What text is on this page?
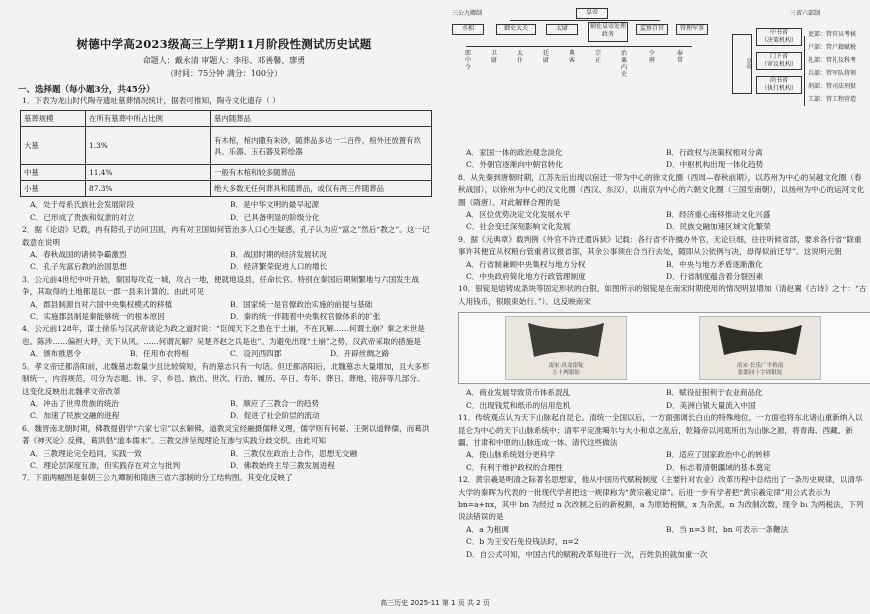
树德中学高2023级高三上学期11月阶段性测试历史试题
命题人：戴永清 审题人：李彤、邓善馨、廖勇
（时间：75分钟 满分：100分）
一、选择题（每小题3分，共45分）

1．下表为龙山时代陶寺遗址墓葬情况统计，据表可推知，陶寺文化遗存（ ）

墓葬规模	在所有墓葬中所占比例	墓内随葬品
大墓	1.3%	有木棺，棺内撒有朱砂，随葬品多达一二百件，棺外还放置有玖具、乐器、玉石器及彩绘器
中墓	11.4%	一般有木棺和较多随葬品
小墓	87.3%	绝大多数无任何葬具和随葬品，或仅有两三件随葬品
A．处于母系氏族社会发展阶段	B．是中华文明的最早起源
C．已形成了贵族和奴隶的对立	D．已具备明显的阶级分化

2．据《论语》记载，冉有陪孔子访问卫国，冉有对卫国如何管治多人口心生疑惑，孔子认为应“富之”然后“教之”。这一记载意在说明

A．春秋战国的诸侯争霸激烈	B．战国时期的经济发展状况
C．孔子先富后教的治国思想	D．经济繁荣促进人口的增长

3．公元前4世纪中叶开始，秦国每攻克一城，攻占一地，便就地设县，任命长官。特别在秦国后期频繁地与六国发生战争，其取得的土地都是以一郡一县来计算的。由此可见

A．郡县制源自对六国中央集权模式的移植	B．国家统一是官僚政治实施的前提与基础
C．实施郡县制是秦能够统一的根本原因	D．秦的统一伴随着中央集权官僚体系的扩张

4．公元前128年，谋士徐乐与汉武帝谈论为政之道时说：“臣闻天下之患在于土崩，不在瓦解……何谓土崩？秦之末世是也。陈涉……偏袒大呼，天下从风。……何谓瓦解？吴楚齐赵之兵是也”。为避免出现“土崩”之势，汉武帝采取的措施是

A．颁布推恩令	B．任用布衣将相	C．设河西四郡	D．开辟丝绸之路

5．孝文帝迁都洛阳前，北魏墓志数量少且比较简短，有的墓志只有一句话。但迁都洛阳后，北魏墓志大量增加，且大多形制统一，内容规范，可分为志题、讳、字、乡邑、族出、世次、行治、履历、卒日、寿年、葬日、葬地、铭辞等几部分。这变化反映出北魏孝文帝改革

A．冲击了世卑贵族的统治	B．顺应了三教合一的趋势
C．加速了民族交融的进程	D．促进了社会阶层的流动

6．魏晋南北朝时期，佛教提倡学“六家七宗”以玄解佛，道教灵宝经融摄儒释义理，儒学则有何晏、王弼以道释儒，而葛洪著《神灭论》反佛，葛洪倡“道本儒末”。三教交涉呈现理论互渗与实践分歧交织。由此可知

A．三教理论完全趋同，实践一致	B．三教仅在政治上合作，思想无交融
C．理论层深度互渗，但实践存在对立与批判	D．佛教始终主导三教发展进程

7．下面两幅图是秦朝三公九卿制和隋唐三省六部制的分工结构图。其变化反映了

三公九卿制	三省六部制
皇帝
丞相	御史大夫	太尉	辅佐皇帝处理政务
监察百官	管理军事
郎中令
卫尉
太仆
廷尉
典客
宗正
治粟内史
少府
奉常	皇帝
中书省
（决策机构）
门下省
（审议机构）
尚书省
（执行机构）
吏部：管官员考核
户部：管户籍赋税
礼部：管礼仪科考
兵部：管军队将领
刑部：管司法刑狱
工部：管工程营造
A．家国一体的政治观念淡化	B．行政权与决策权相对分离
C．外朝官逐渐向中朝官转化	D．中枢机构出现一体化趋势

8．从先秦到唐朝时期，江苏先后出现以宿迁一带为中心的徐文化圈（西周—春秋前期），以苏州为中心的吴越文化圈（春秋战国），以徐州为中心的汉文化圈（西汉、东汉），以南京为中心的六朝文化圈（三国至南朝），以扬州为中心的运河文化圈（隋唐）。对此解释合理的是

A．区位优势决定文化发展水平	B．经济重心南移推动文化兴盛
C．社会变迁深刻影响文化发展	D．民族交融加速区域文化繁荣

9．据《元典章》载判例《外官不许迁遣诉狱》记载：各行省不许擅办外官，无论巨细，往往听候省部，要求各行省“除重事许其便宜从权粮台管重者议报省部，其余公事须在合当行去处，随即从公依例与决，毋得似前迁导”。这说明元朝

A．行省制兼顾中央集权与地方分权	B．中央与地方矛盾逐渐激化
C．中央政府简化地方行政管理制度	D．行省制度蕴含着分裂因素

10．银锭是熔铸成条块等固定形状的白银，如图所示的银锭是在南宋时期使用的情况明显增加（清赵翼《古诗》之十：“古人用钱币，银眼束始行。”）。这反映南宋

南宋·真龙银锭
五十两银锭
南宋·长乐广平桥南
张郎同十字周银锭
A．商业发展导致货币体系混乱	B．赋役征银利于农业商品化
C．出现钱荒和纸币的信用危机	D．美洲白银大量流入中国

11．传统观点认为天下山脉起自昆仑。清统一全国以后，一方面强调长白山的特殊地位，一方面也将东北诸山重新纳入以昆仑为中心的天下山脉系统中；清军平定准噶尔与大小和卓之乱后，乾隆帝以河底所出为山脉之源，将青海、西藏、新疆、甘肃和中原的山脉连成一体。清代这些做法

A．使山脉系统划分更科学	B．适应了国家政治中心的转移
C．有利于维护政权的合理性	D．标志着清朝疆域的基本奠定

12．黄宗羲是明清之际著名思想家，他从中国历代赋税制度（主要针对农业）改革历程中总结出了一条历史规律，以清华大学的秦晖为代表的一批现代学者把这一规律称为“黄宗羲定律”。后进一步有学者把“黄宗羲定律”用公式表示为 bn=a+nx，其中 bn 为经过 n 次改制之后的新税额，a 为原始税额，x 为杂派，n 为改制次数，现令 b₁ 为两税法，下列说法错误的是

A．a 为租调	B．当 n=3 时，bn 可表示一条鞭法
C．b 为王安石免役钱法时，n=2
D．自公式可知，中国古代的赋税改革每进行一次，百姓负担就加重一次
高三历史 2025-11 第 1 页 共 2 页
